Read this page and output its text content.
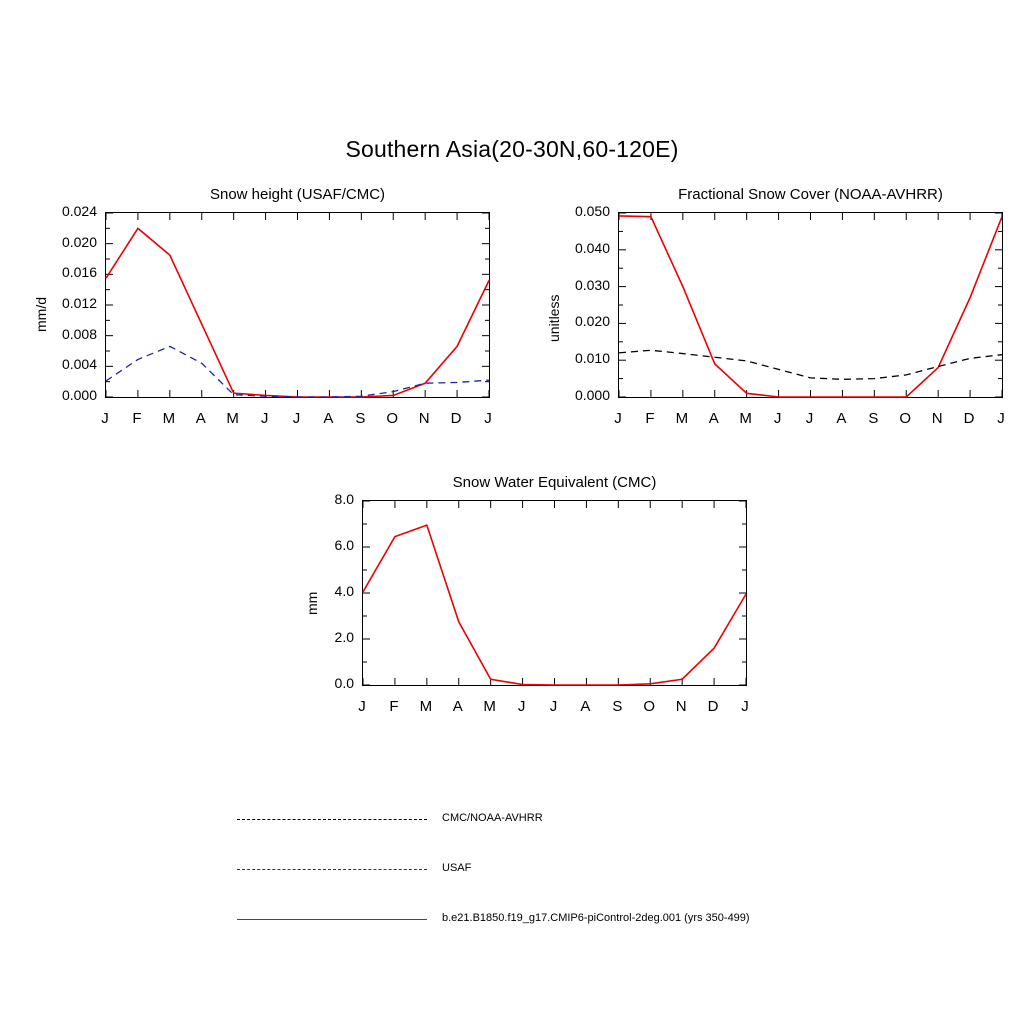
Southern Asia(20-30N,60-120E)
Snow height (USAF/CMC)
mm/d
0.000
0.004
0.008
0.012
0.016
0.020
0.024
J	F	M	A	M	J	J	A	S	O	N	D	J
Fractional Snow Cover (NOAA-AVHRR)
unitless
0.000
0.010
0.020
0.030
0.040
0.050
J	F	M	A	M	J	J	A	S	O	N	D	J
Snow Water Equivalent (CMC)
mm
0.0
2.0
4.0
6.0
8.0
J	F	M	A	M	J	J	A	S	O	N	D	J
CMC/NOAA-AVHRR
USAF
b.e21.B1850.f19_g17.CMIP6-piControl-2deg.001 (yrs 350-499)
